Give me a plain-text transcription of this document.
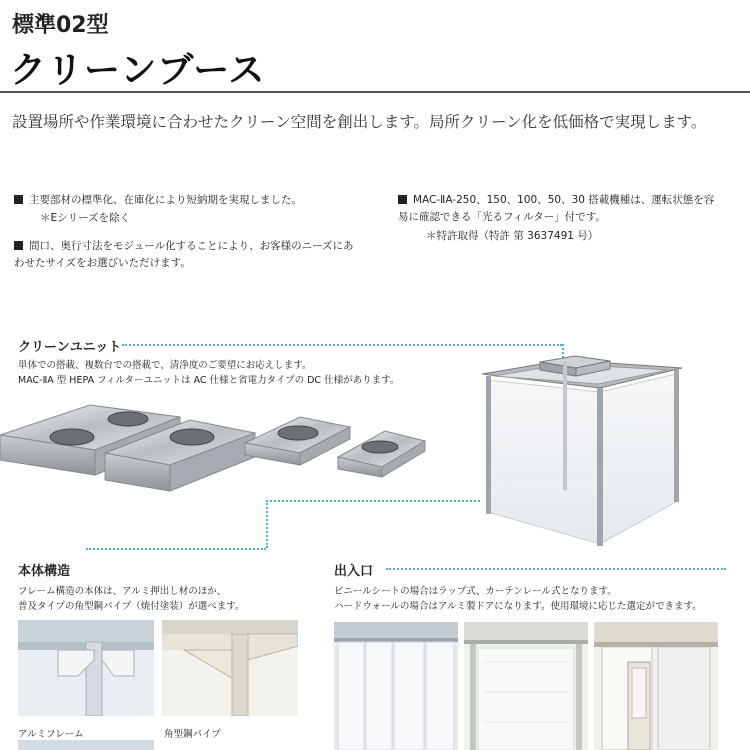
標準02型
クリーンブース
設置場所や作業環境に合わせたクリーン空間を創出します。局所クリーン化を低価格で実現します。
主要部材の標準化、在庫化により短納期を実現しました。
＊Eシリーズを除く
間口、奥行寸法をモジュール化することにより、お客様のニーズにあわせたサイズをお選びいただけます。
MAC-ⅡA-250、150、100、50、30 搭載機種は、運転状態を容易に確認できる「光るフィルター」付です。
＊特許取得（特許 第 3637491 号）
クリーンユニット
単体での搭載、複数台での搭載で、清浄度のご要望にお応えします。
MAC-ⅡA 型 HEPA フィルターユニットは AC 仕様と省電力タイプの DC 仕様があります。
本体構造
フレーム構造の本体は、アルミ押出し材のほか、
普及タイプの角型鋼パイプ（焼付塗装）が選べます。
アルミフレーム	角型鋼パイプ
出入口
ビニールシートの場合はラップ式、カーテンレール式となります。
ハードウォールの場合はアルミ製ドアになります。使用環境に応じた選定ができます。
